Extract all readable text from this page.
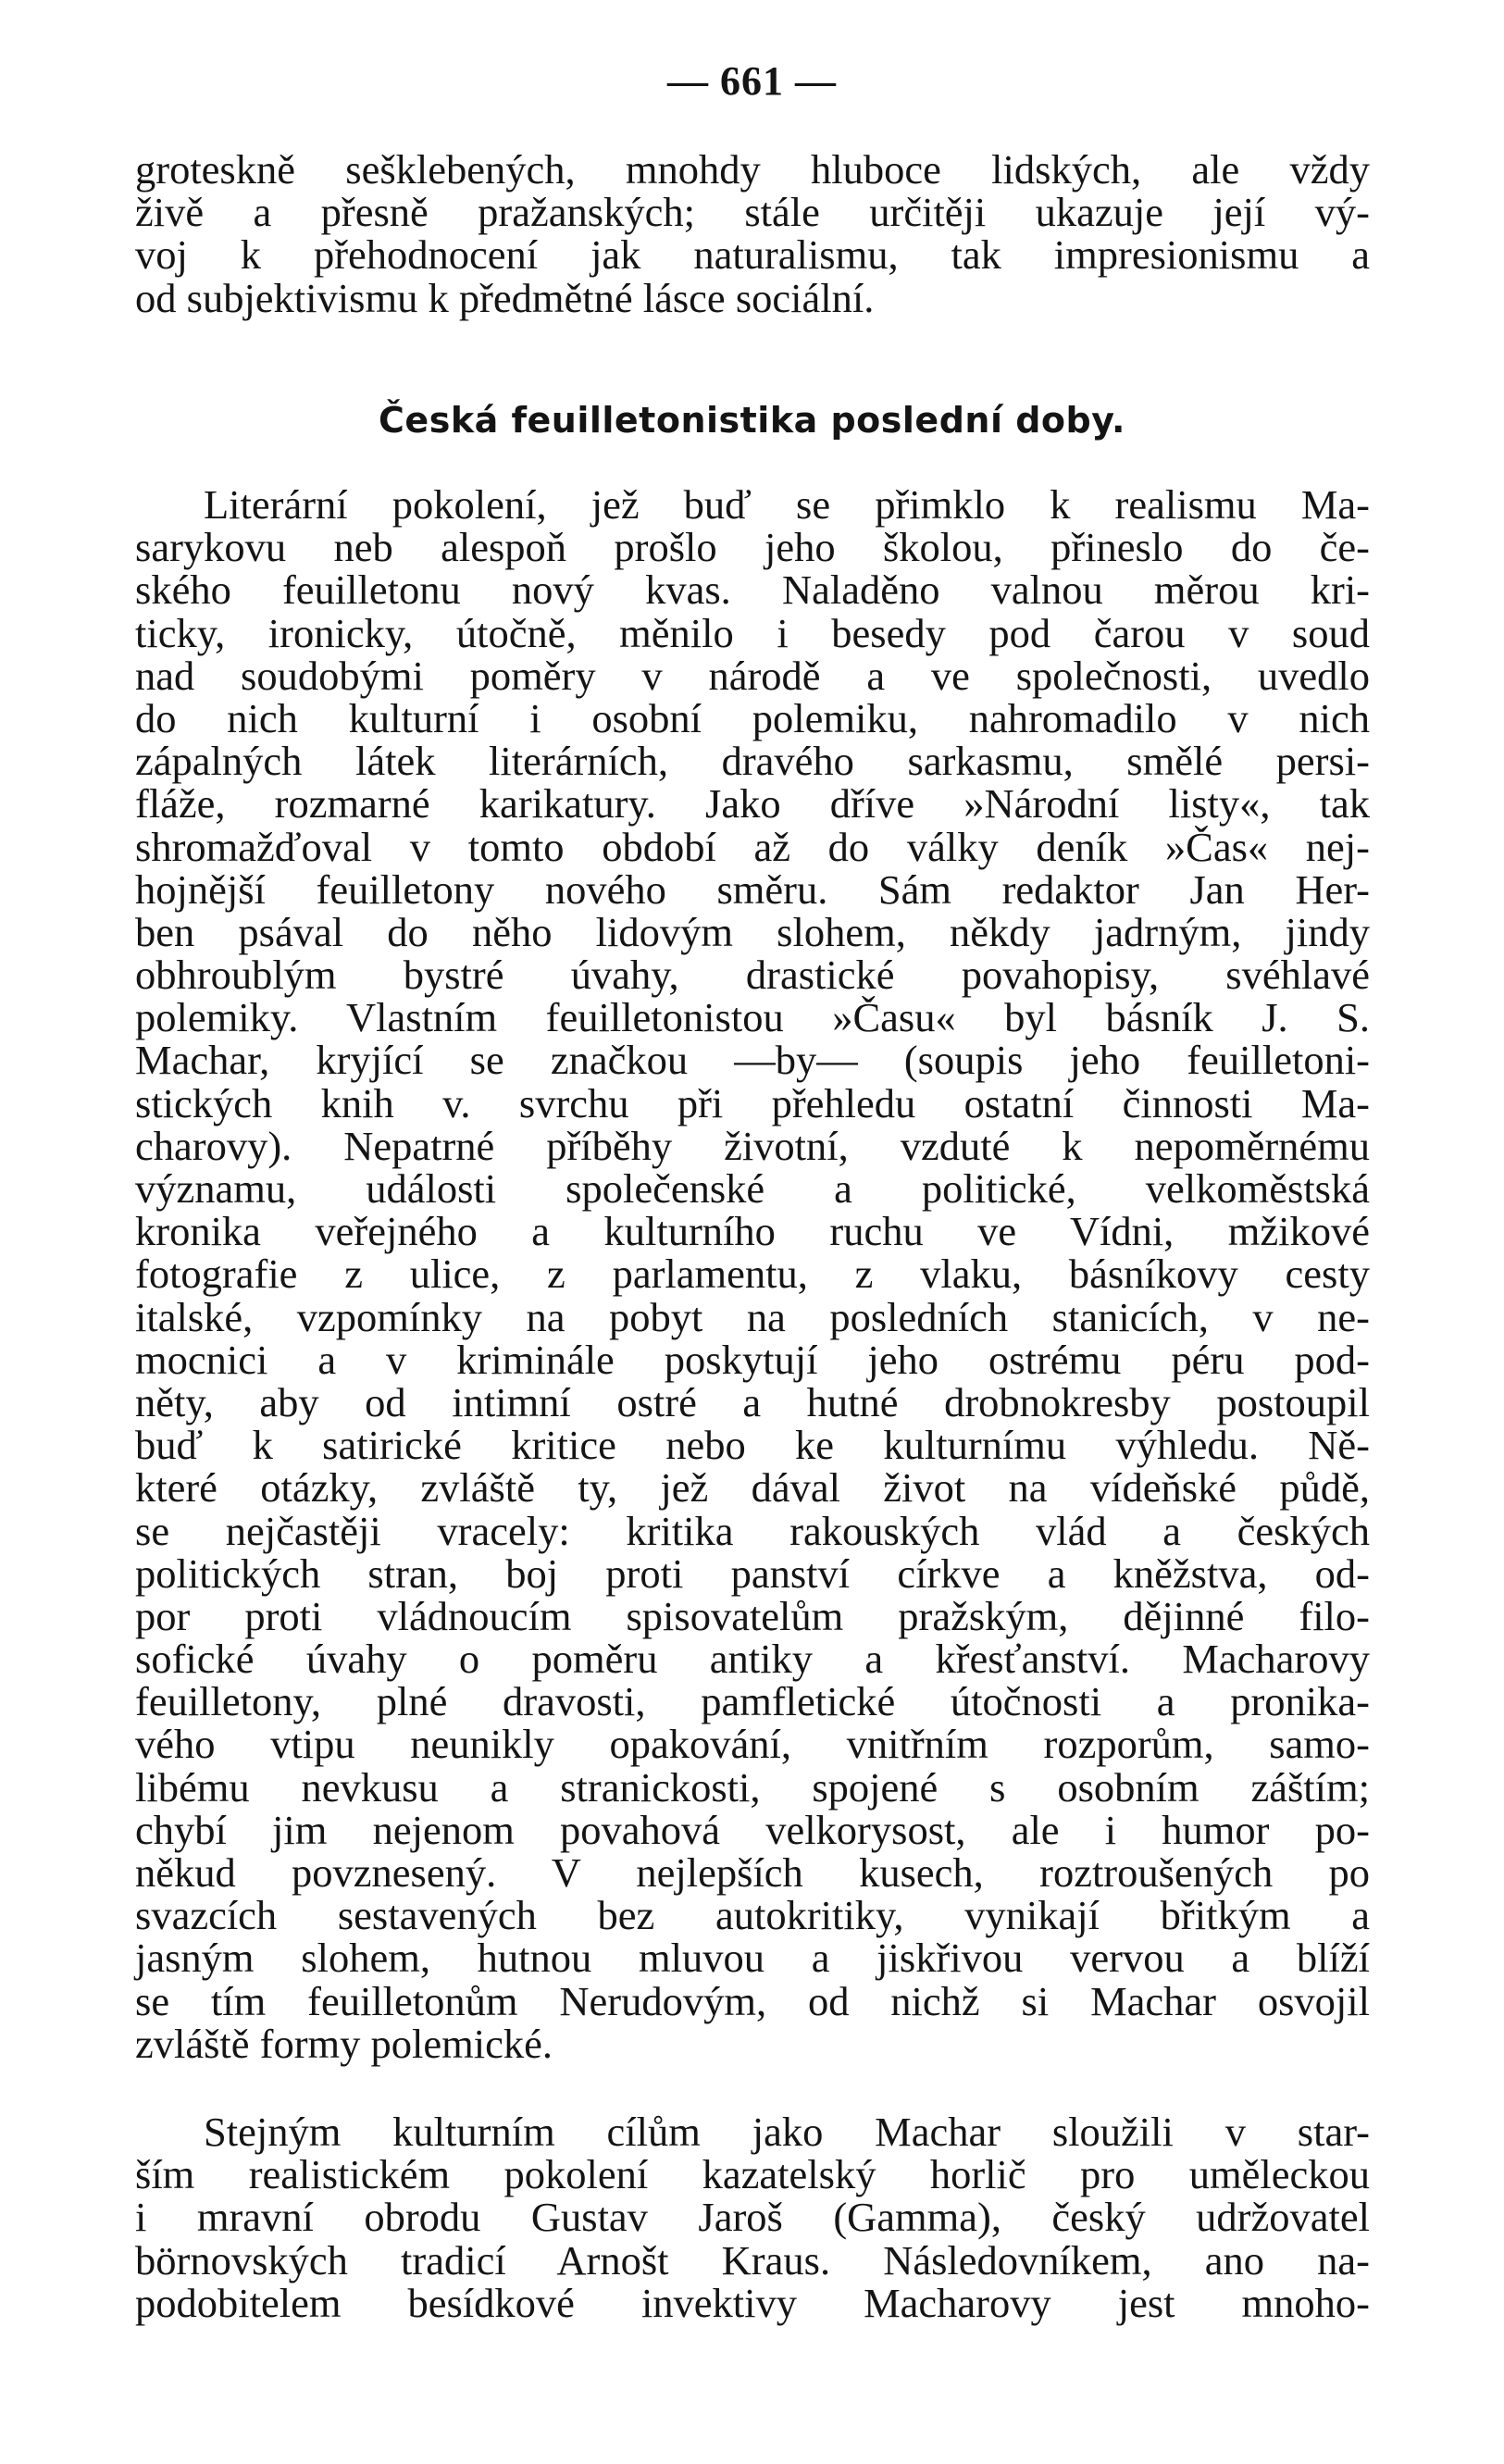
— 661 —
groteskně sešklebených, mnohdy hluboce lidských, ale vždy
živě a přesně pražanských; stále určitěji ukazuje její vý-
voj k přehodnocení jak naturalismu, tak impresionismu a
od subjektivismu k předmětné lásce sociální.
Česká feuilletonistika poslední doby.
Literární pokolení, jež buď se přimklo k realismu Ma-
sarykovu neb alespoň prošlo jeho školou, přineslo do če-
ského feuilletonu nový kvas. Naladěno valnou měrou kri-
ticky, ironicky, útočně, měnilo i besedy pod čarou v soud
nad soudobými poměry v národě a ve společnosti, uvedlo
do nich kulturní i osobní polemiku, nahromadilo v nich
zápalných látek literárních, dravého sarkasmu, smělé persi-
fláže, rozmarné karikatury. Jako dříve »Národní listy«, tak
shromažďoval v tomto období až do války deník »Čas« nej-
hojnější feuilletony nového směru. Sám redaktor Jan Her-
ben psával do něho lidovým slohem, někdy jadrným, jindy
obhroublým bystré úvahy, drastické povahopisy, svéhlavé
polemiky. Vlastním feuilletonistou »Času« byl básník J. S.
Machar, kryjící se značkou —by— (soupis jeho feuilletoni-
stických knih v. svrchu při přehledu ostatní činnosti Ma-
charovy). Nepatrné příběhy životní, vzduté k nepoměrnému
významu, události společenské a politické, velkoměstská
kronika veřejného a kulturního ruchu ve Vídni, mžikové
fotografie z ulice, z parlamentu, z vlaku, básníkovy cesty
italské, vzpomínky na pobyt na posledních stanicích, v ne-
mocnici a v kriminále poskytují jeho ostrému péru pod-
něty, aby od intimní ostré a hutné drobnokresby postoupil
buď k satirické kritice nebo ke kulturnímu výhledu. Ně-
které otázky, zvláště ty, jež dával život na vídeňské půdě,
se nejčastěji vracely: kritika rakouských vlád a českých
politických stran, boj proti panství církve a kněžstva, od-
por proti vládnoucím spisovatelům pražským, dějinné filo-
sofické úvahy o poměru antiky a křesťanství. Macharovy
feuilletony, plné dravosti, pamfletické útočnosti a pronika-
vého vtipu neunikly opakování, vnitřním rozporům, samo-
libému nevkusu a stranickosti, spojené s osobním záštím;
chybí jim nejenom povahová velkorysost, ale i humor po-
někud povznesený. V nejlepších kusech, roztroušených po
svazcích sestavených bez autokritiky, vynikají břitkým a
jasným slohem, hutnou mluvou a jiskřivou vervou a blíží
se tím feuilletonům Nerudovým, od nichž si Machar osvojil
zvláště formy polemické.
Stejným kulturním cílům jako Machar sloužili v star-
ším realistickém pokolení kazatelský horlič pro uměleckou
i mravní obrodu Gustav Jaroš (Gamma), český udržovatel
börnovských tradicí Arnošt Kraus. Následovníkem, ano na-
podobitelem besídkové invektivy Macharovy jest mnoho-
